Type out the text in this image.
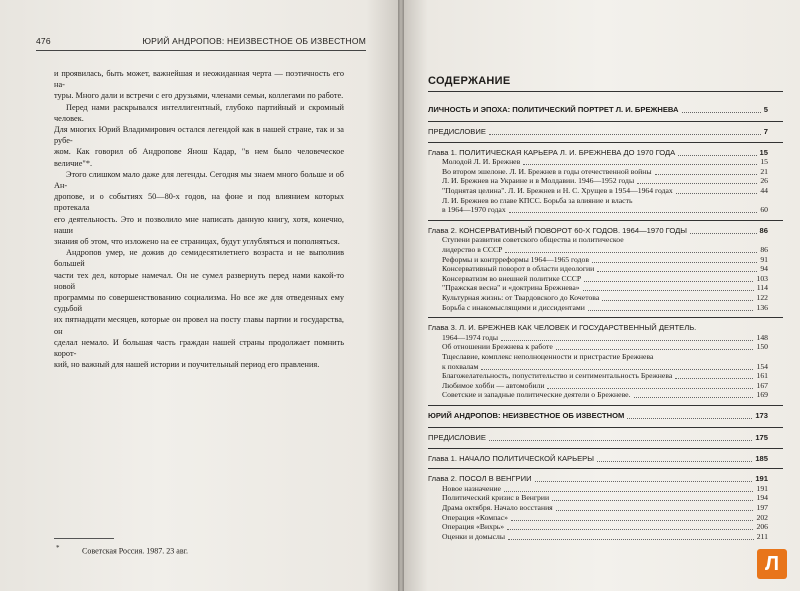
476	ЮРИЙ АНДРОПОВ: НЕИЗВЕСТНОЕ ОБ ИЗВЕСТНОМ

и проявилась, быть может, важнейшая и неожиданная черта — поэтичность его на-

туры. Много дали и встречи с его друзьями, членами семьи, коллегами по работе.

Перед нами раскрывался интеллигентный, глубоко партийный и скромный человек.

Для многих Юрий Владимирович остался легендой как в нашей стране, так и за рубе-

жом. Как говорил об Андропове Янош Кадар, "в нем было человеческое величие"*.

Этого слишком мало даже для легенды. Сегодня мы знаем много больше и об Ан-

дропове, и о событиях 50—80-х годов, на фоне и под влиянием которых протекала

его деятельность. Это и позволило мне написать данную книгу, хотя, конечно, наши

знания об этом, что изложено на ее страницах, будут углубляться и пополняться.

Андропов умер, не дожив до семидесятилетнего возраста и не выполнив большей

части тех дел, которые намечал. Он не сумел развернуть перед нами какой-то новой

программы по совершенствованию социализма. Но все же для отведенных ему судьбой

их пятнадцати месяцев, которые он провел на посту главы партии и государства, он

сделал немало. И большая часть граждан нашей страны продолжает помнить корот-

кий, но важный для нашей истории и поучительный период его правления.

*	Советская Россия. 1987. 23 авг.
СОДЕРЖАНИЕ
ЛИЧНОСТЬ И ЭПОХА: ПОЛИТИЧЕСКИЙ ПОРТРЕТ Л. И. БРЕЖНЕВА	5
ПРЕДИСЛОВИЕ	7
Глава 1. ПОЛИТИЧЕСКАЯ КАРЬЕРА Л. И. БРЕЖНЕВА ДО 1970 ГОДА	15
Молодой Л. И. Брежнев	15
Во втором эшелоне. Л. И. Брежнев в годы отечественной войны	21
Л. И. Брежнев на Украине и в Молдавии. 1946—1952 годы	26
"Поднятая целина". Л. И. Брежнев и Н. С. Хрущев в 1954—1964 годах	44
Л. И. Брежнев во главе КПСС. Борьба за влияние и власть
в 1964—1970 годах	60
Глава 2. КОНСЕРВАТИВНЫЙ ПОВОРОТ 60-Х ГОДОВ. 1964—1970 ГОДЫ	86
Ступени развития советского общества и политическое
лидерство в СССР	86
Реформы и контрреформы 1964—1965 годов	91
Консервативный поворот в области идеологии	94
Консерватизм во внешней политике СССР	103
"Пражская весна" и «доктрина Брежнева»	114
Культурная жизнь: от Твардовского до Кочетова	122
Борьба с инакомыслящими и диссидентами	136
Глава 3. Л. И. БРЕЖНЕВ КАК ЧЕЛОВЕК И ГОСУДАРСТВЕННЫЙ ДЕЯТЕЛЬ.
1964—1974 годы	148
Об отношении Брежнева к работе	150
Тщеславие, комплекс неполноценности и пристрастие Брежнева
к похвалам	154
Благожелательность, попустительство и сентиментальность Брежнева	161
Любимое хобби — автомобили	167
Советские и западные политические деятели о Брежневе.	169
ЮРИЙ АНДРОПОВ: НЕИЗВЕСТНОЕ ОБ ИЗВЕСТНОМ	173
ПРЕДИСЛОВИЕ	175
Глава 1. НАЧАЛО ПОЛИТИЧЕСКОЙ КАРЬЕРЫ	185
Глава 2. ПОСОЛ В ВЕНГРИИ	191
Новое назначение	191
Политический кризис в Венгрии	194
Драма октября. Начало восстания	197
Операция «Компас»	202
Операция «Вихрь»	206
Оценки и домыслы	211
Л
